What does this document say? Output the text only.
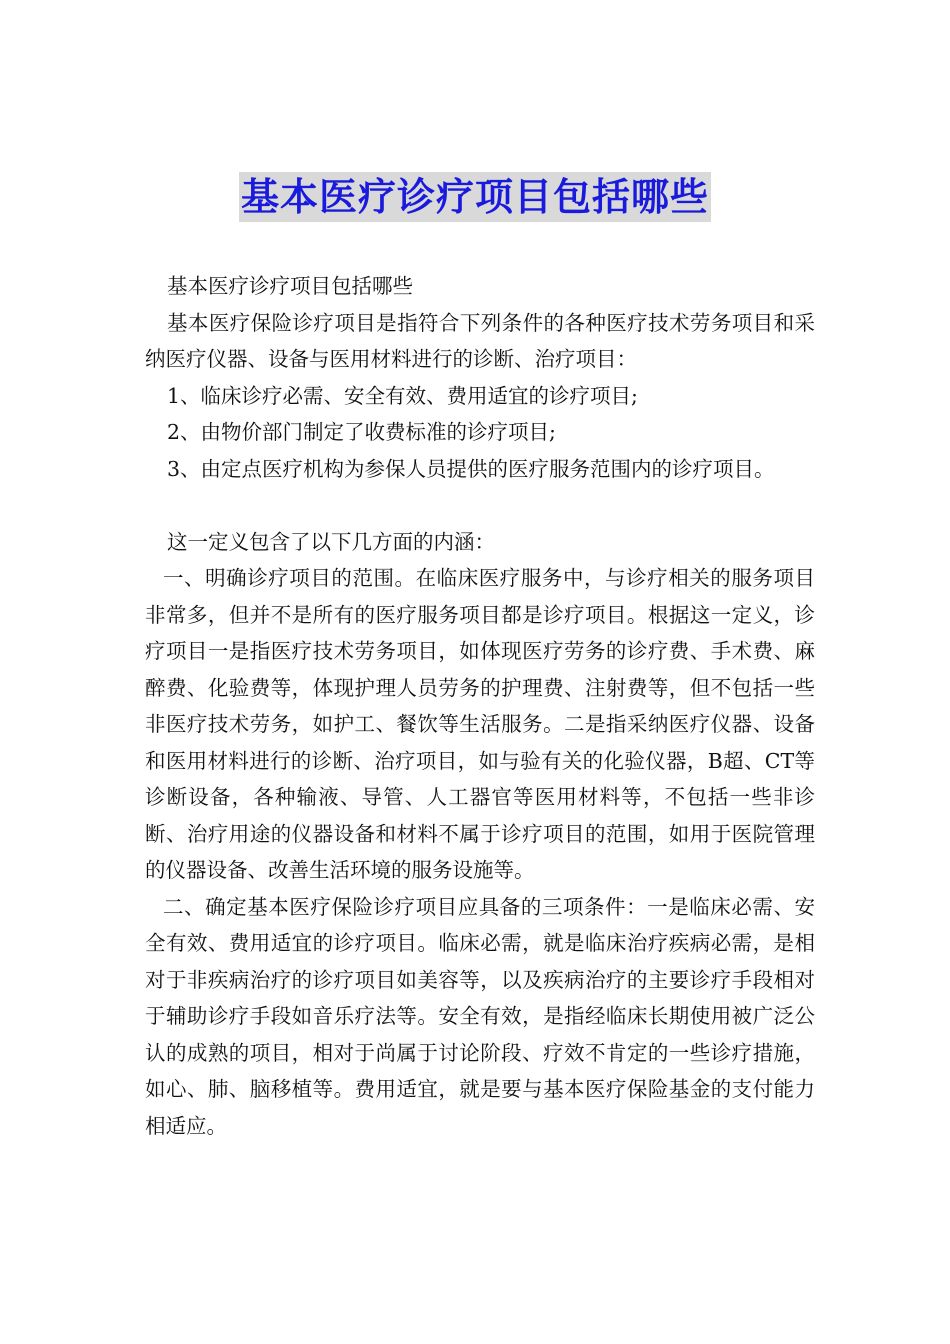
基本医疗诊疗项目包括哪些

基本医疗诊疗项目包括哪些

基本医疗保险诊疗项目是指符合下列条件的各种医疗技术劳务项目和采纳医疗仪器、设备与医用材料进行的诊断、治疗项目：

1、临床诊疗必需、安全有效、费用适宜的诊疗项目;

2、由物价部门制定了收费标准的诊疗项目;

3、由定点医疗机构为参保人员提供的医疗服务范围内的诊疗项目。

这一定义包含了以下几方面的内涵：

一、明确诊疗项目的范围。在临床医疗服务中，与诊疗相关的服务项目非常多，但并不是所有的医疗服务项目都是诊疗项目。根据这一定义，诊疗项目一是指医疗技术劳务项目，如体现医疗劳务的诊疗费、手术费、麻醉费、化验费等，体现护理人员劳务的护理费、注射费等，但不包括一些非医疗技术劳务，如护工、餐饮等生活服务。二是指采纳医疗仪器、设备和医用材料进行的诊断、治疗项目，如与验有关的化验仪器，B超、CT等诊断设备，各种输液、导管、人工器官等医用材料等，不包括一些非诊断、治疗用途的仪器设备和材料不属于诊疗项目的范围，如用于医院管理的仪器设备、改善生活环境的服务设施等。

二、确定基本医疗保险诊疗项目应具备的三项条件：一是临床必需、安全有效、费用适宜的诊疗项目。临床必需，就是临床治疗疾病必需，是相对于非疾病治疗的诊疗项目如美容等，以及疾病治疗的主要诊疗手段相对于辅助诊疗手段如音乐疗法等。安全有效，是指经临床长期使用被广泛公认的成熟的项目，相对于尚属于讨论阶段、疗效不肯定的一些诊疗措施，如心、肺、脑移植等。费用适宜，就是要与基本医疗保险基金的支付能力相适应。
